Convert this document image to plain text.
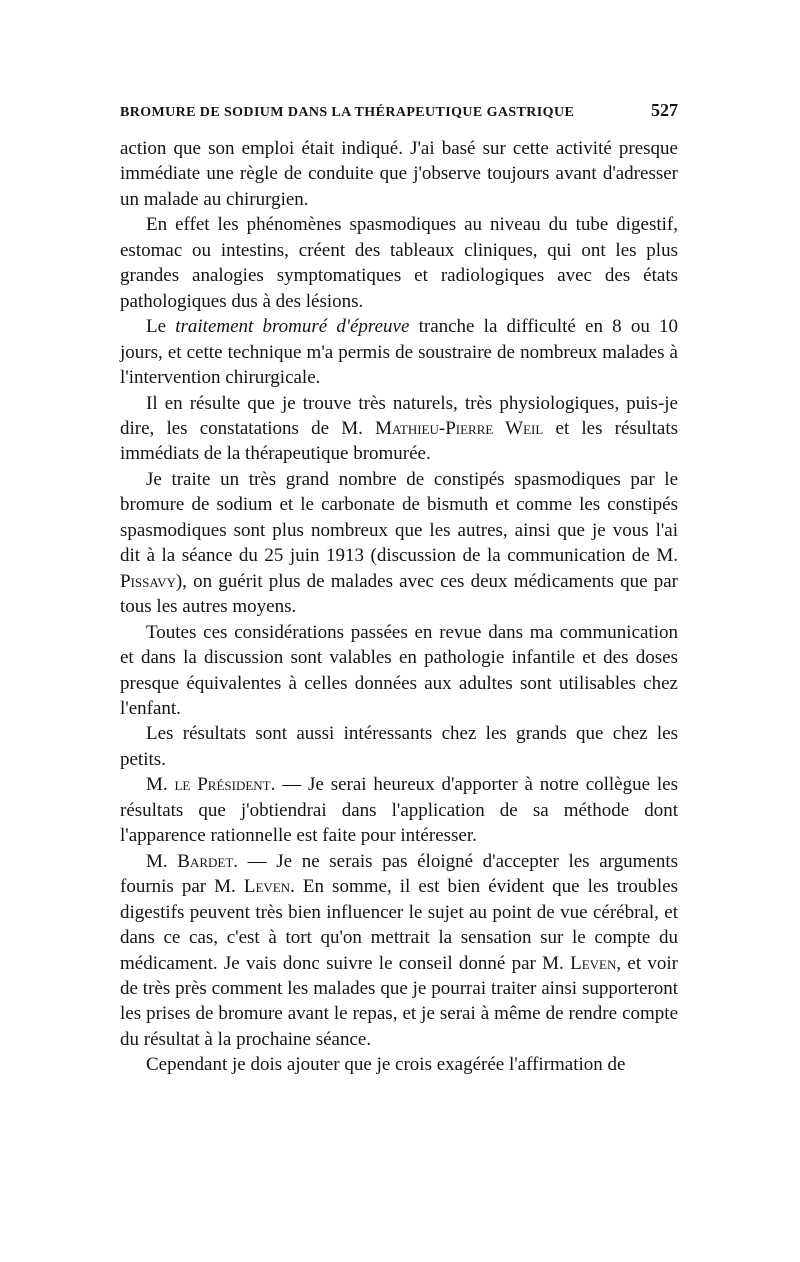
BROMURE DE SODIUM DANS LA THÉRAPEUTIQUE GASTRIQUE	527

action que son emploi était indiqué. J'ai basé sur cette activité presque immédiate une règle de conduite que j'observe toujours avant d'adresser un malade au chirurgien.

En effet les phénomènes spasmodiques au niveau du tube digestif, estomac ou intestins, créent des tableaux cliniques, qui ont les plus grandes analogies symptomatiques et radiologiques avec des états pathologiques dus à des lésions.

Le traitement bromuré d'épreuve tranche la difficulté en 8 ou 10 jours, et cette technique m'a permis de soustraire de nombreux malades à l'intervention chirurgicale.

Il en résulte que je trouve très naturels, très physiologiques, puis-je dire, les constatations de M. Mathieu-Pierre Weil et les résultats immédiats de la thérapeutique bromurée.

Je traite un très grand nombre de constipés spasmodiques par le bromure de sodium et le carbonate de bismuth et comme les constipés spasmodiques sont plus nombreux que les autres, ainsi que je vous l'ai dit à la séance du 25 juin 1913 (discussion de la communication de M. Pissavy), on guérit plus de malades avec ces deux médicaments que par tous les autres moyens.

Toutes ces considérations passées en revue dans ma communication et dans la discussion sont valables en pathologie infantile et des doses presque équivalentes à celles données aux adultes sont utilisables chez l'enfant.

Les résultats sont aussi intéressants chez les grands que chez les petits.

M. le Président. — Je serai heureux d'apporter à notre collègue les résultats que j'obtiendrai dans l'application de sa méthode dont l'apparence rationnelle est faite pour intéresser.

M. Bardet. — Je ne serais pas éloigné d'accepter les arguments fournis par M. Leven. En somme, il est bien évident que les troubles digestifs peuvent très bien influencer le sujet au point de vue cérébral, et dans ce cas, c'est à tort qu'on mettrait la sensation sur le compte du médicament. Je vais donc suivre le conseil donné par M. Leven, et voir de très près comment les malades que je pourrai traiter ainsi supporteront les prises de bromure avant le repas, et je serai à même de rendre compte du résultat à la prochaine séance.

Cependant je dois ajouter que je crois exagérée l'affirmation de
